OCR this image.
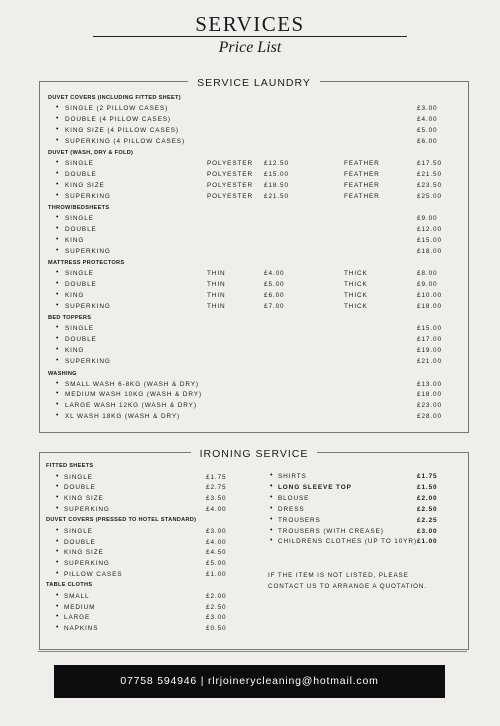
SERVICES
Price List
SERVICE LAUNDRY
DUVET COVERS (INCLUDING FITTED SHEET)
• SINGLE (2 PILLOW CASES)	£3.00
• DOUBLE (4 PILLOW CASES)	£4.00
• KING SIZE (4 PILLOW CASES)	£5.00
• SUPERKING (4 PILLOW CASES)	£6.00
DUVET (WASH, DRY & FOLD)
• SINGLE	POLYESTER £12.50	FEATHER	£17.50
• DOUBLE	POLYESTER £15.00	FEATHER	£21.50
• KING SIZE	POLYESTER £18.50	FEATHER	£23.50
• SUPERKING	POLYESTER £21.50	FEATHER	£25.00
THROW/BEDSHEETS
• SINGLE	£9.00
• DOUBLE	£12.00
• KING	£15.00
• SUPERKING	£18.00
MATTRESS PROTECTORS
• SINGLE	THIN	£4.00	THICK	£8.00
• DOUBLE	THIN	£5.00	THICK	£9.00
• KING	THIN	£6.00	THICK	£10.00
• SUPERKING	THIN	£7.00	THICK	£18.00
BED TOPPERS
• SINGLE	£15.00
• DOUBLE	£17.00
• KING	£19.00
• SUPERKING	£21.00
WASHING
• SMALL WASH 6-8KG (WASH & DRY)	£13.00
• MEDIUM WASH 10KG (WASH & DRY)	£18.00
• LARGE WASH 12KG (WASH & DRY)	£23.00
• XL WASH 18KG (WASH & DRY)	£28.00
IRONING SERVICE
FITTED SHEETS
• SINGLE	£1.75
• DOUBLE	£2.75
• KING SIZE	£3.50
• SUPERKING	£4.00
DUVET COVERS (PRESSED TO HOTEL STANDARD)
• SINGLE	£3.00
• DOUBLE	£4.00
• KING SIZE	£4.50
• SUPERKING	£5.00
• PILLOW CASES	£1.00
TABLE CLOTHS
• SMALL	£2.00
• MEDIUM	£2.50
• LARGE	£3.00
• NAPKINS	£0.50
• SHIRTS	£1.75
• LONG SLEEVE TOP	£1.50
• BLOUSE	£2.00
• DRESS	£2.50
• TROUSERS	£2.25
• TROUSERS (WITH CREASE)	£3.00
• CHILDRENS CLOTHES (UP TO 10YR) £1.00
IF THE ITEM IS NOT LISTED, PLEASE
CONTACT US TO ARRANGE A QUOTATION.
07758 594946 | rlrjoinerycleaning@hotmail.com
